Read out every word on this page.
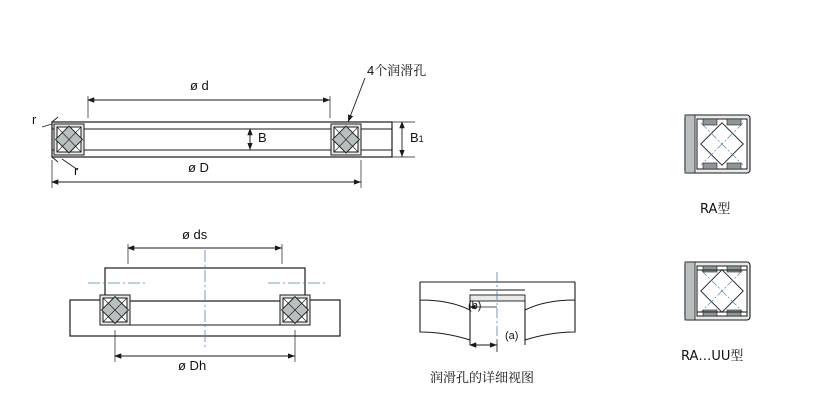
4个润滑孔
ø d
ø D
B	B1
r
r
ø ds
ø Dh
(b)
(a)
润滑孔的详细视图
RA型
RA…UU型
